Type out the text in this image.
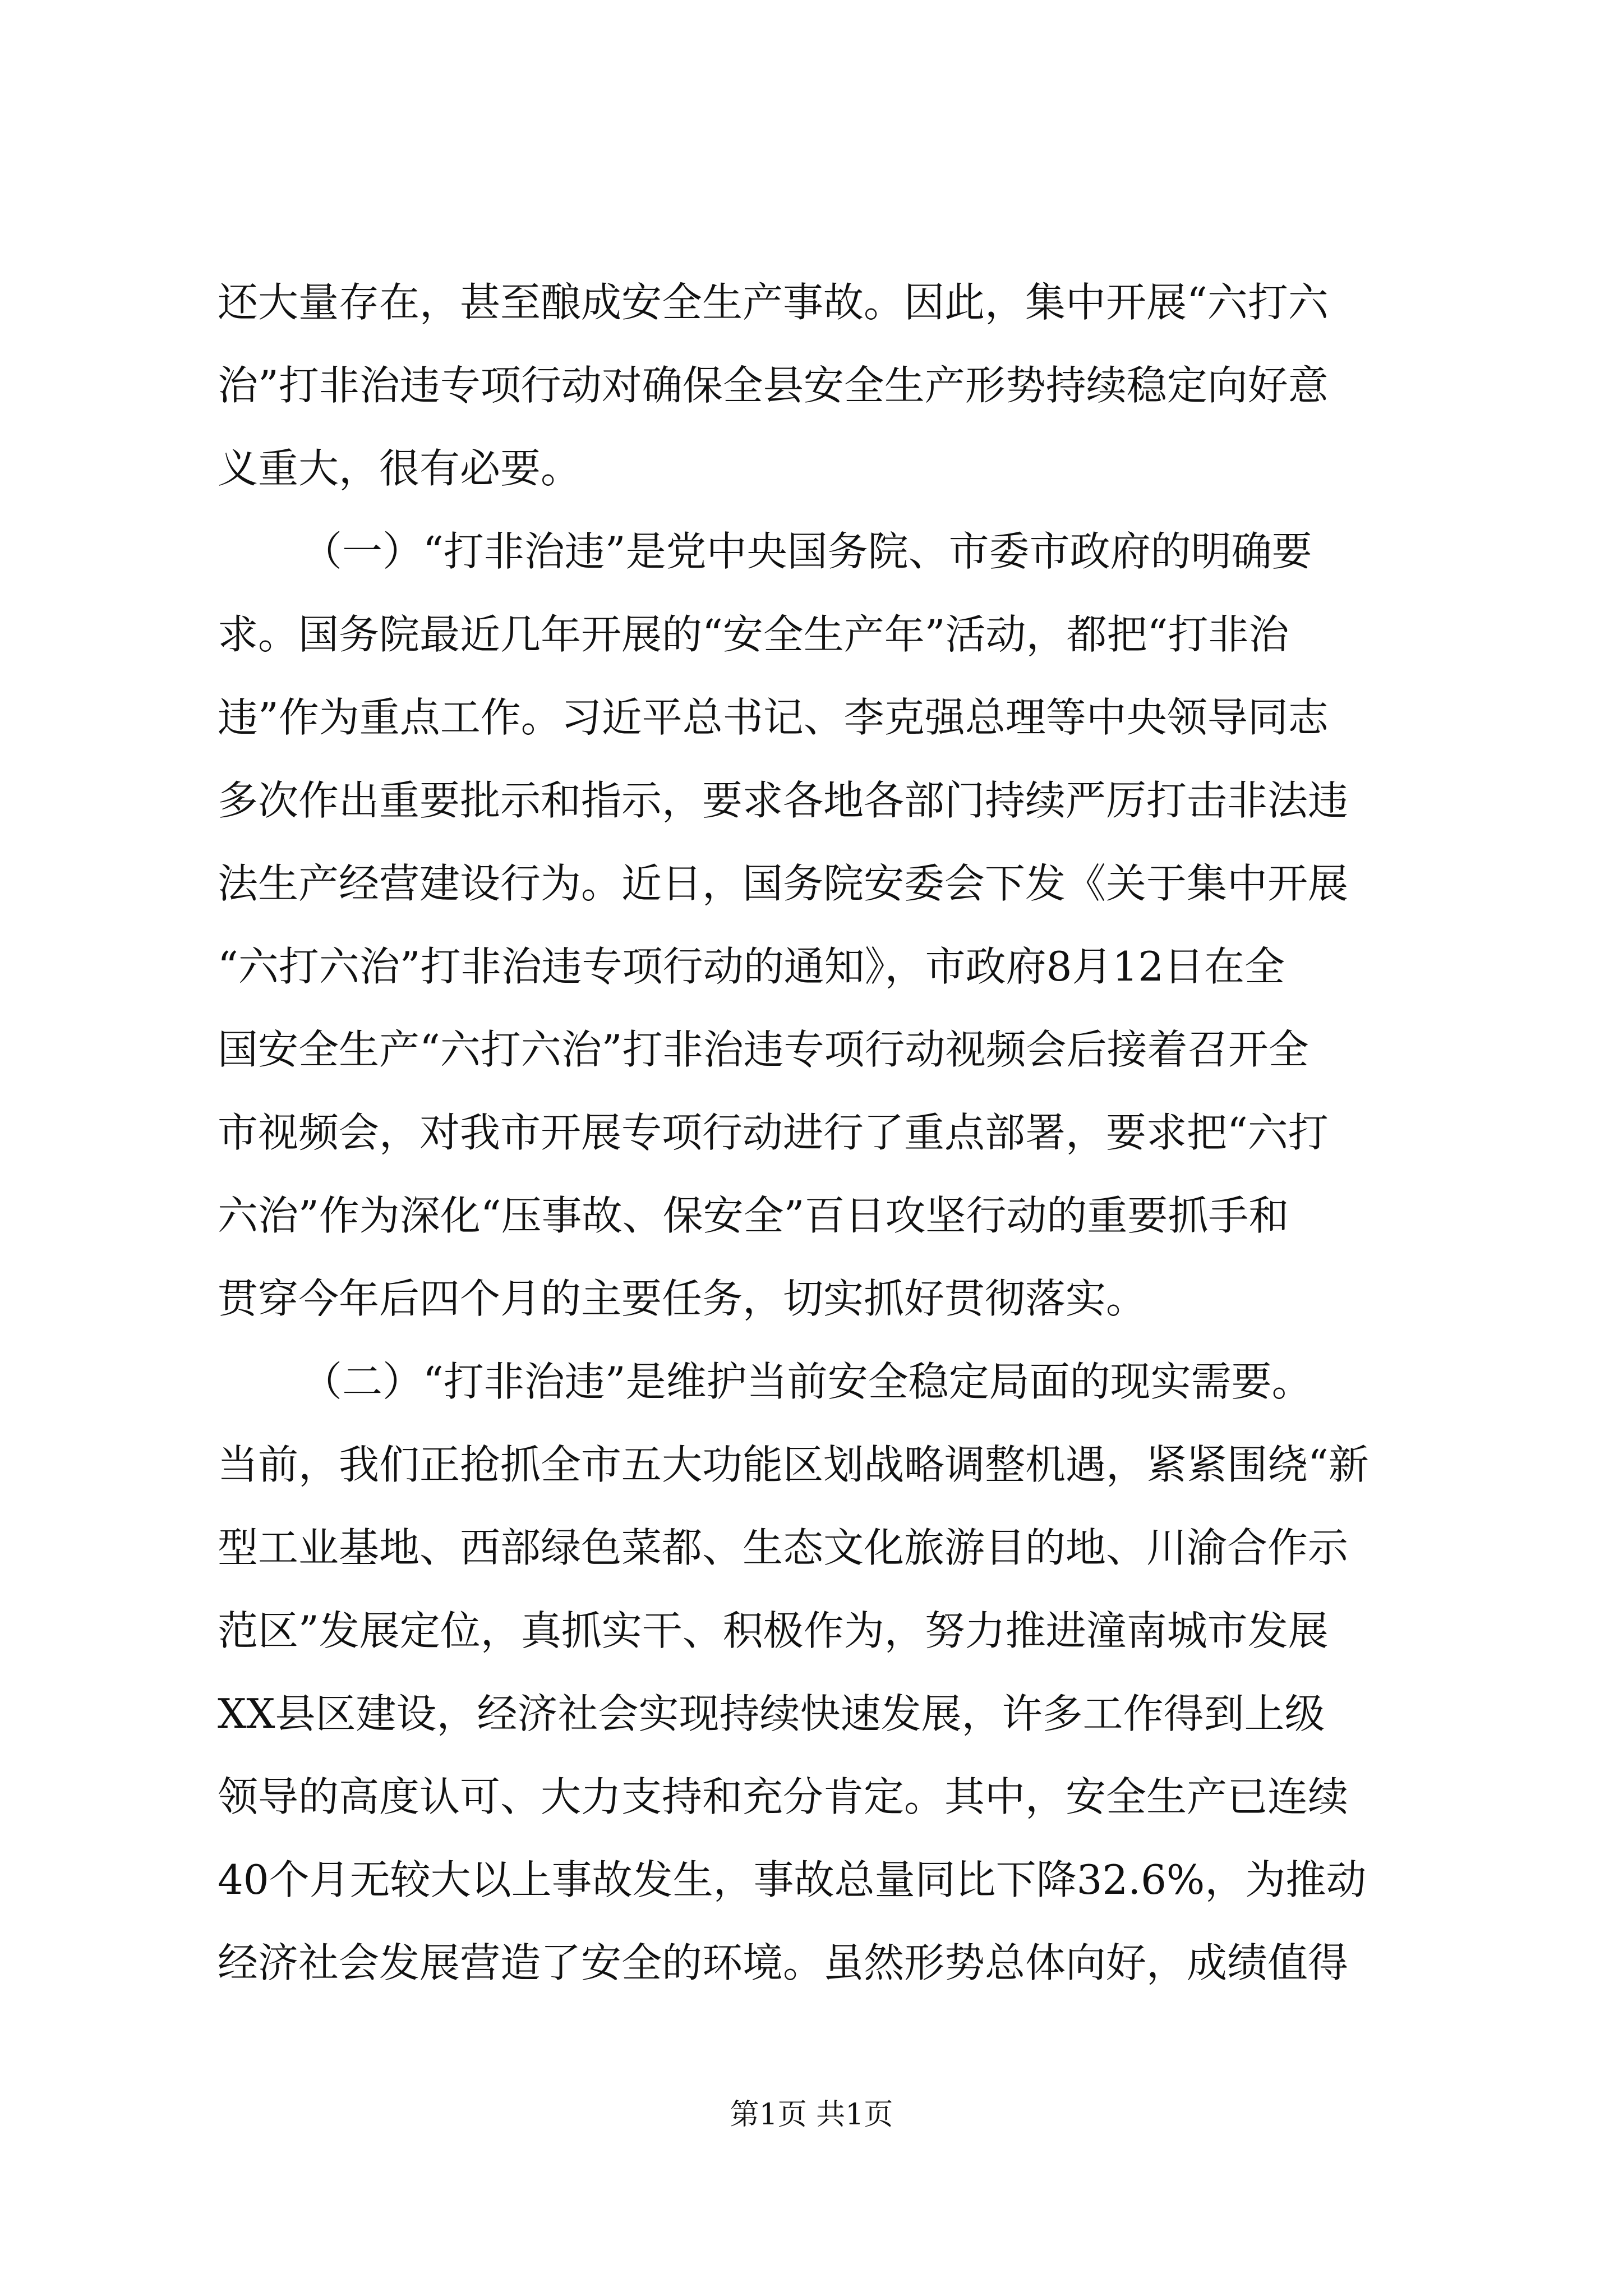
还大量存在，甚至酿成安全生产事故。因此，集中开展“六打六
治”打非治违专项行动对确保全县安全生产形势持续稳定向好意
义重大，很有必要。
（一）“打非治违”是党中央国务院、市委市政府的明确要
求。国务院最近几年开展的“安全生产年”活动，都把“打非治
违”作为重点工作。习近平总书记、李克强总理等中央领导同志
多次作出重要批示和指示，要求各地各部门持续严厉打击非法违
法生产经营建设行为。近日，国务院安委会下发《关于集中开展
“六打六治”打非治违专项行动的通知》，市政府8月12日在全
国安全生产“六打六治”打非治违专项行动视频会后接着召开全
市视频会，对我市开展专项行动进行了重点部署，要求把“六打
六治”作为深化“压事故、保安全”百日攻坚行动的重要抓手和
贯穿今年后四个月的主要任务，切实抓好贯彻落实。
（二）“打非治违”是维护当前安全稳定局面的现实需要。
当前，我们正抢抓全市五大功能区划战略调整机遇，紧紧围绕“新
型工业基地、西部绿色菜都、生态文化旅游目的地、川渝合作示
范区”发展定位，真抓实干、积极作为，努力推进潼南城市发展
XX县区建设，经济社会实现持续快速发展，许多工作得到上级
领导的高度认可、大力支持和充分肯定。其中，安全生产已连续
40个月无较大以上事故发生，事故总量同比下降32.6%，为推动
经济社会发展营造了安全的环境。虽然形势总体向好，成绩值得
第1页 共1页
